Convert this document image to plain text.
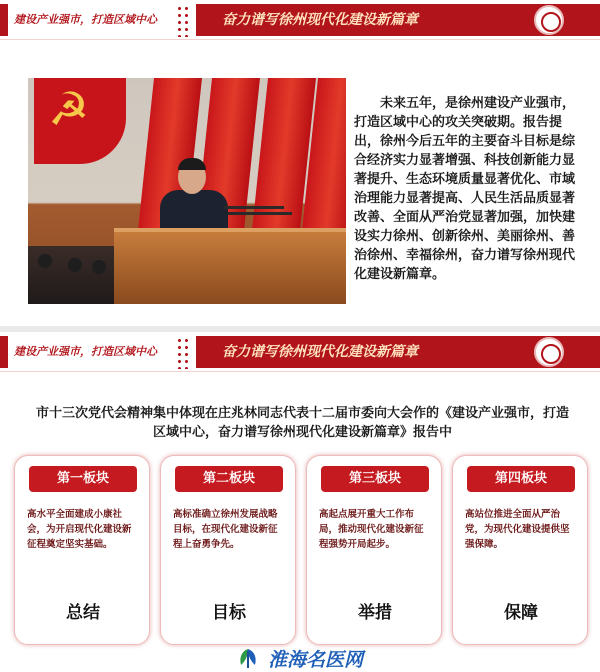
建设产业强市，打造区域中心	奋力谱写徐州现代化建设新篇章
☭	未来五年，是徐州建设产业强市，打造区域中心的攻关突破期。报告提出，徐州今后五年的主要奋斗目标是综合经济实力显著增强、科技创新能力显著提升、生态环境质量显著优化、市域治理能力显著提高、人民生活品质显著改善、全面从严治党显著加强，加快建设实力徐州、创新徐州、美丽徐州、善治徐州、幸福徐州，奋力谱写徐州现代化建设新篇章。
建设产业强市，打造区域中心	奋力谱写徐州现代化建设新篇章
市十三次党代会精神集中体现在庄兆林同志代表十二届市委向大会作的《建设产业强市，打造区域中心，奋力谱写徐州现代化建设新篇章》报告中
第一板块
高水平全面建成小康社会，为开启现代化建设新征程奠定坚实基础。
总结
第二板块
高标准确立徐州发展战略目标，在现代化建设新征程上奋勇争先。
目标
第三板块
高起点展开重大工作布局，推动现代化建设新征程强势开局起步。
举措
第四板块
高站位推进全面从严治党，为现代化建设提供坚强保障。
保障
淮海名医网
